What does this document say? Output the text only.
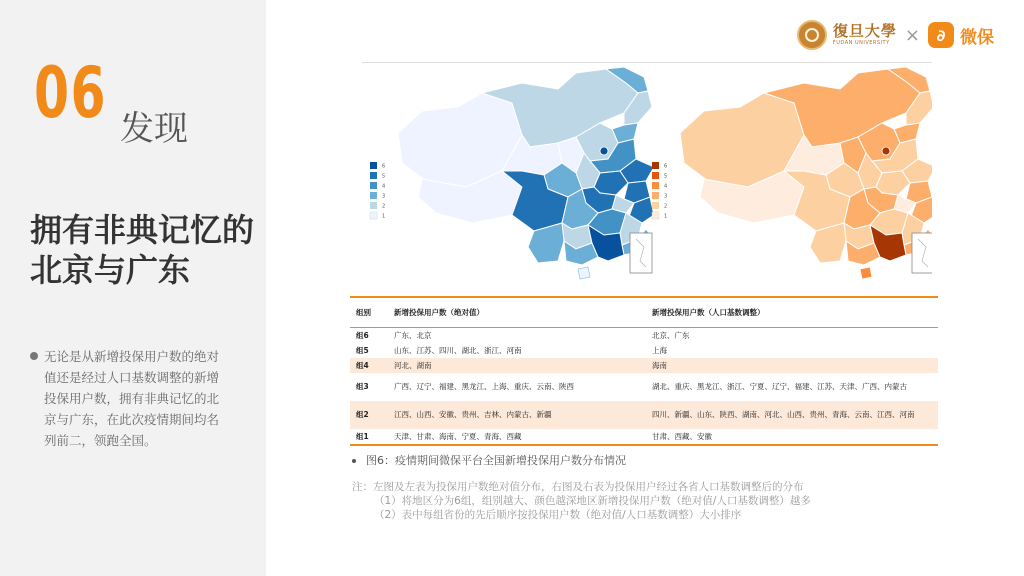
06 发现
拥有非典记忆的北京与广东
无论是从新增投保用户数的绝对值还是经过人口基数调整的新增投保用户数，拥有非典记忆的北京与广东，在此次疫情期间均名列前二，领跑全国。
復旦大學
FUDAN UNIVERSITY ×	∂ 微保
6
5
4
3
2
1
6
5
4
3
2
1
组别	新增投保用户数（绝对值）	新增投保用户数（人口基数调整）
组6	广东、北京	北京、广东
组5	山东、江苏、四川、湖北、浙江、河南	上海
组4	河北、湖南	海南
组3	广西、辽宁、福建、黑龙江、上海、重庆、云南、陕西	湖北、重庆、黑龙江、浙江、宁夏、辽宁、福建、江苏、天津、广西、内蒙古
组2	江西、山西、安徽、贵州、吉林、内蒙古、新疆	四川、新疆、山东、陕西、湖南、河北、山西、贵州、青海、云南、江西、河南
组1	天津、甘肃、海南、宁夏、青海、西藏	甘肃、西藏、安徽
图6：疫情期间微保平台全国新增投保用户数分布情况
注：左图及左表为投保用户数绝对值分布，右图及右表为投保用户经过各省人口基数调整后的分布
（1）将地区分为6组，组别越大、颜色越深地区新增投保用户数（绝对值/人口基数调整）越多
（2）表中每组省份的先后顺序按投保用户数（绝对值/人口基数调整）大小排序
